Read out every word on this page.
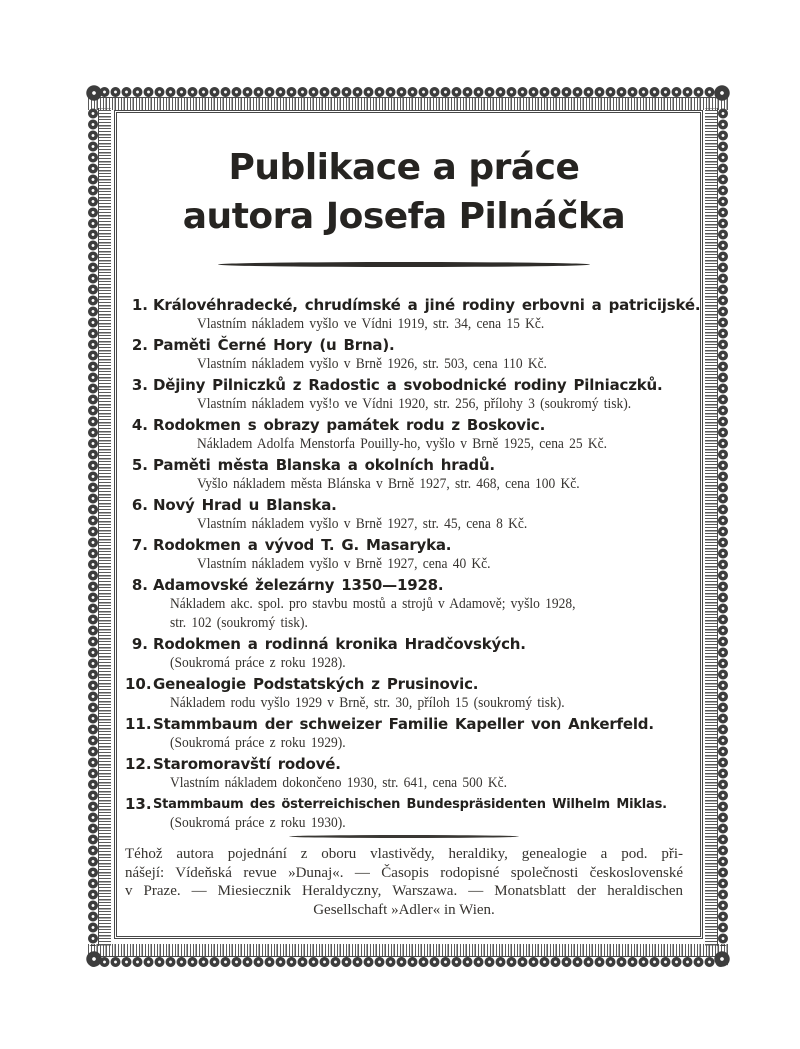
Publikace a práce
autora Josefa Pilnáčka
1. Královéhradecké, chrudímské a jiné rodiny erbovni a patricijské.
Vlastním nákladem vyšlo ve Vídni 1919, str. 34, cena 15 Kč.
2. Paměti Černé Hory (u Brna).
Vlastním nákladem vyšlo v Brně 1926, str. 503, cena 110 Kč.
3. Dějiny Pilniczků z Radostic a svobodnické rodiny Pilniaczků.
Vlastním nákladem vyš!o ve Vídni 1920, str. 256, přílohy 3 (soukromý tisk).
4. Rodokmen s obrazy památek rodu z Boskovic.
Nákladem Adolfa Menstorfa Pouilly-ho, vyšlo v Brně 1925, cena 25 Kč.
5. Paměti města Blanska a okolních hradů.
Vyšlo nákladem města Blánska v Brně 1927, str. 468, cena 100 Kč.
6. Nový Hrad u Blanska.
Vlastním nákladem vyšlo v Brně 1927, str. 45, cena 8 Kč.
7. Rodokmen a vývod T. G. Masaryka.
Vlastním nákladem vyšlo v Brně 1927, cena 40 Kč.
8. Adamovské železárny 1350—1928.
Nákladem akc. spol. pro stavbu mostů a strojů v Adamově; vyšlo 1928,
str. 102 (soukromý tisk).
9. Rodokmen a rodinná kronika Hradčovských.
(Soukromá práce z roku 1928).
10. Genealogie Podstatských z Prusinovic.
Nákladem rodu vyšlo 1929 v Brně, str. 30, příloh 15 (soukromý tisk).
11. Stammbaum der schweizer Familie Kapeller von Ankerfeld.
(Soukromá práce z roku 1929).
12. Staromoravští rodové.
Vlastním nákladem dokončeno 1930, str. 641, cena 500 Kč.
13. Stammbaum des österreichischen Bundespräsidenten Wilhelm Miklas.
(Soukromá práce z roku 1930).
Téhož autora pojednání z oboru vlastivědy, heraldiky, genealogie a pod. při-
nášejí: Vídeňská revue »Dunaj«. — Časopis rodopisné společnosti československé
v Praze. — Miesiecznik Heraldyczny, Warszawa. — Monatsblatt der heraldischen
Gesellschaft »Adler« in Wien.
